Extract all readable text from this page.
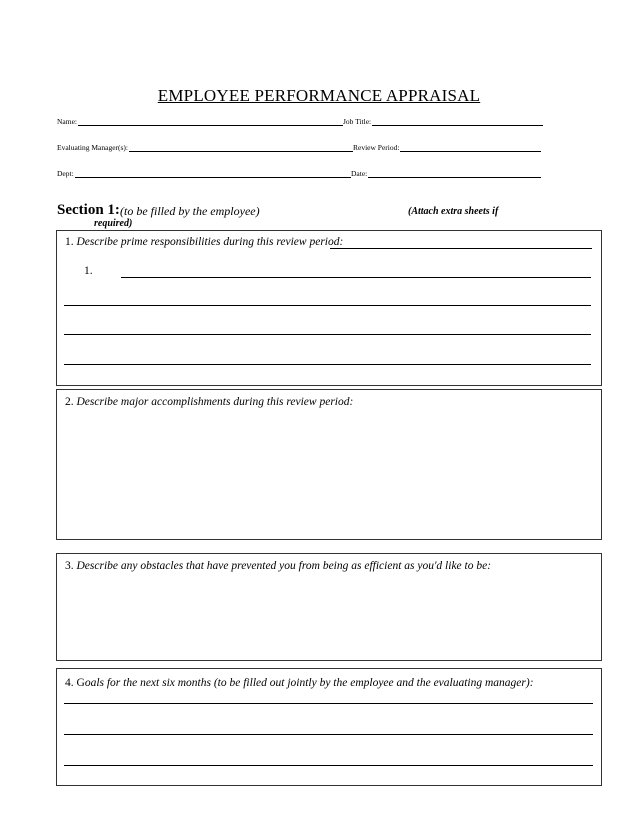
EMPLOYEE PERFORMANCE APPRAISAL
Name:	Job Title:
Evaluating Manager(s):	Review Period:
Dept:	Date:
Section 1: (to be filled by the employee)	(Attach extra sheets if
required)
1. Describe prime responsibilities during this review period:
1.
2. Describe major accomplishments during this review period:
3. Describe any obstacles that have prevented you from being as efficient as you'd like to be:
4. Goals for the next six months (to be filled out jointly by the employee and the evaluating manager):
